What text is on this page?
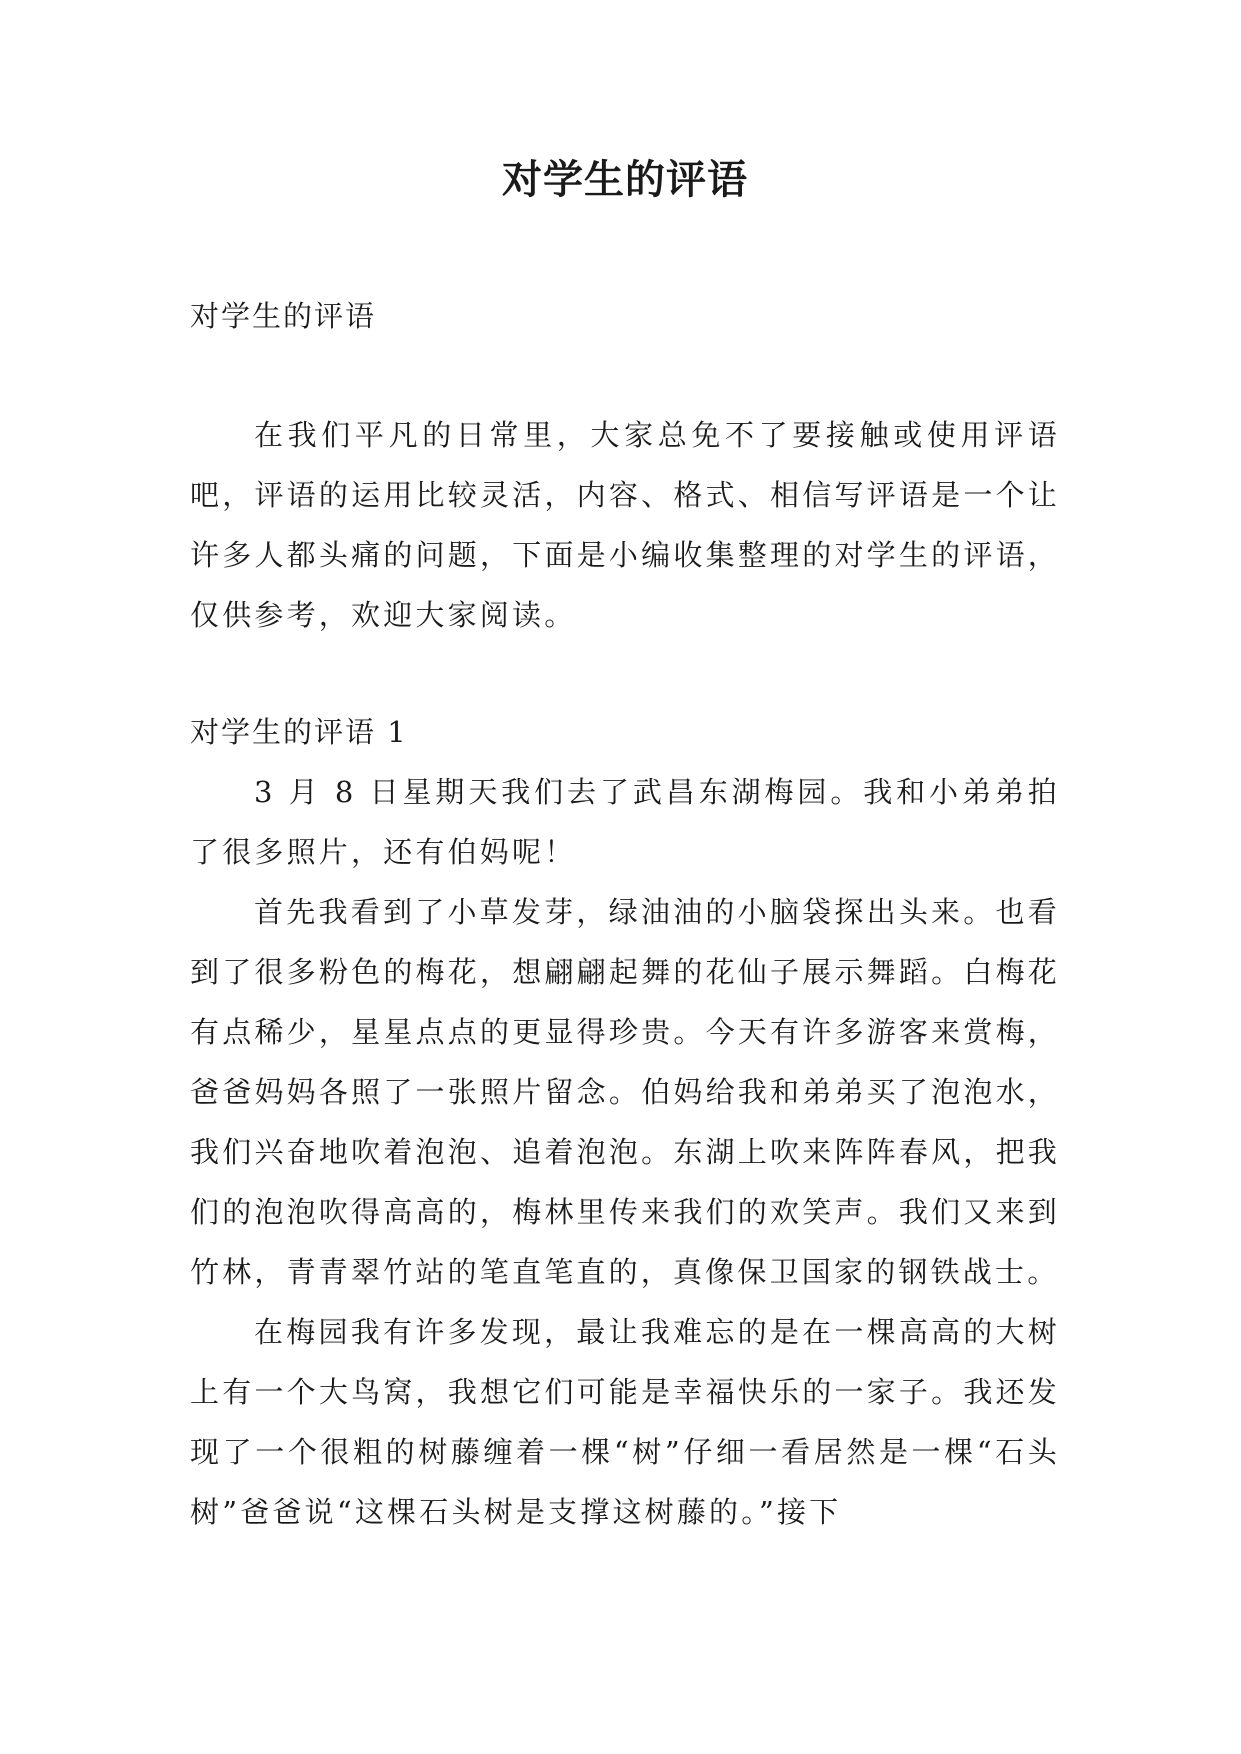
对学生的评语
对学生的评语

在我们平凡的日常里，大家总免不了要接触或使用评语吧，评语的运用比较灵活，内容、格式、相信写评语是一个让许多人都头痛的问题，下面是小编收集整理的对学生的评语，仅供参考，欢迎大家阅读。

对学生的评语 1

3 月 8 日星期天我们去了武昌东湖梅园。我和小弟弟拍了很多照片，还有伯妈呢！

首先我看到了小草发芽，绿油油的小脑袋探出头来。也看到了很多粉色的梅花，想翩翩起舞的花仙子展示舞蹈。白梅花有点稀少，星星点点的更显得珍贵。今天有许多游客来赏梅，爸爸妈妈各照了一张照片留念。伯妈给我和弟弟买了泡泡水，我们兴奋地吹着泡泡、追着泡泡。东湖上吹来阵阵春风，把我们的泡泡吹得高高的，梅林里传来我们的欢笑声。我们又来到竹林，青青翠竹站的笔直笔直的，真像保卫国家的钢铁战士。

在梅园我有许多发现，最让我难忘的是在一棵高高的大树上有一个大鸟窝，我想它们可能是幸福快乐的一家子。我还发现了一个很粗的树藤缠着一棵“树”仔细一看居然是一棵“石头树”爸爸说“这棵石头树是支撑这树藤的。”接下
